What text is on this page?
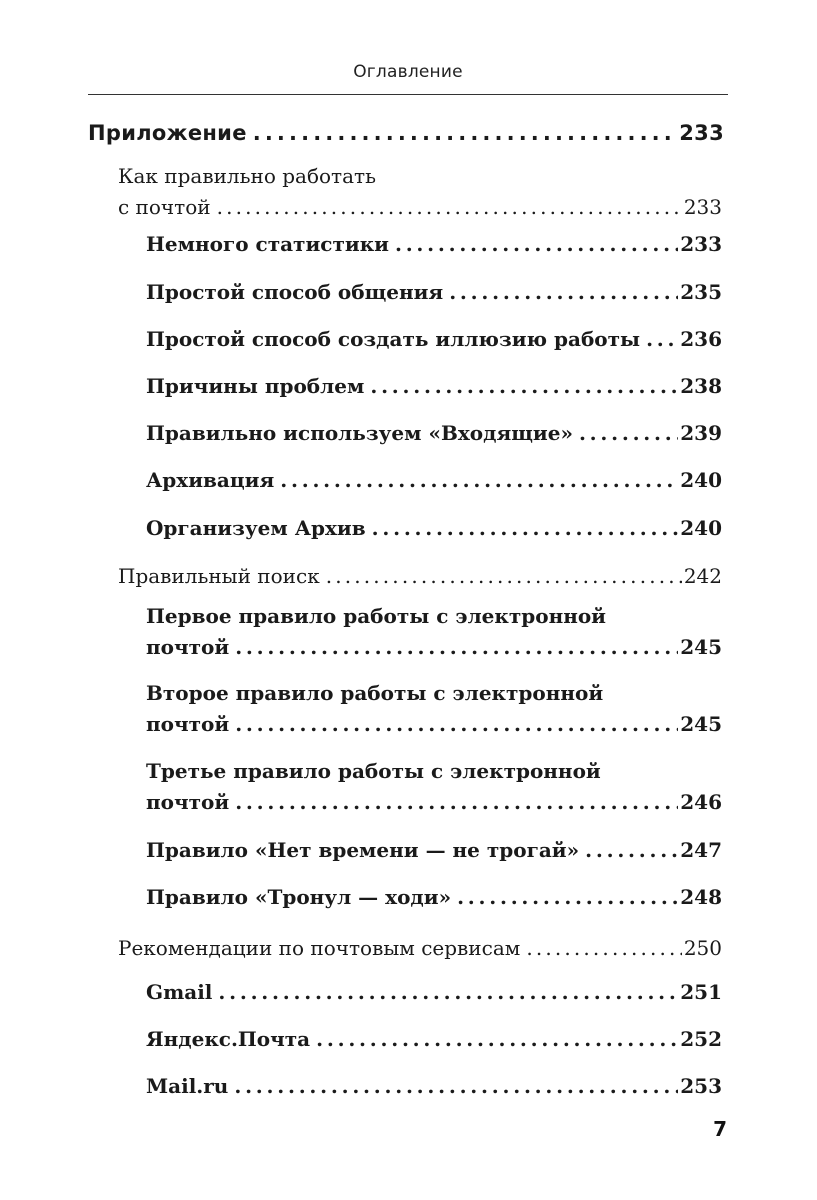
Оглавление
Приложение . . .	233
Как правильно работать
с почтой . . .	233
Немного статистики . . .	233
Простой способ общения . . .	235
Простой способ создать иллюзию работы . . . 236
Причины проблем . . .	238
Правильно используем «Входящие» . . .	239
Архивация . . .	240
Организуем Архив . . .	240
Правильный поиск . . .	242
Первое правило работы с электронной
почтой . . .	245
Второе правило работы с электронной
почтой . . .	245
Третье правило работы с электронной
почтой . . .	246
Правило «Нет времени — не трогай» . . .	247
Правило «Тронул — ходи» . . .	248
Рекомендации по почтовым сервисам . . .	250
Gmail . . .	251
Яндекс.Почта . . .	252
Mail.ru . . .	253
7
